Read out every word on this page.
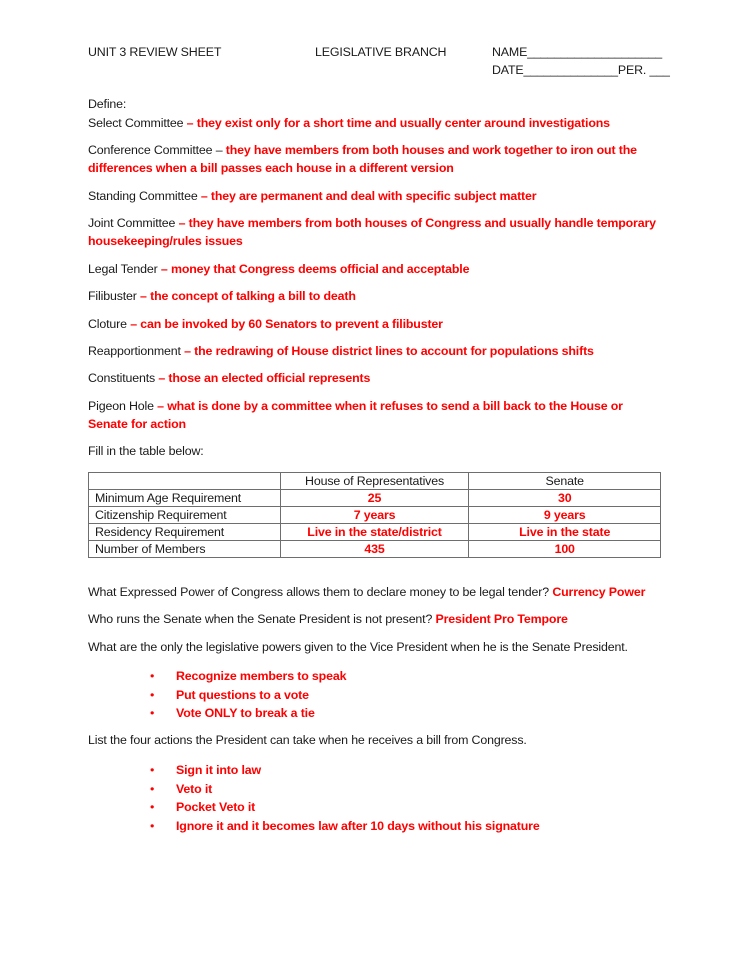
UNIT 3 REVIEW SHEET	LEGISLATIVE BRANCH	NAME____________________
DATE______________PER. ___
Define:
Select Committee – they exist only for a short time and usually center around investigations
Conference Committee – they have members from both houses and work together to iron out the differences when a bill passes each house in a different version
Standing Committee – they are permanent and deal with specific subject matter
Joint Committee – they have members from both houses of Congress and usually handle temporary housekeeping/rules issues
Legal Tender – money that Congress deems official and acceptable
Filibuster – the concept of talking a bill to death
Cloture – can be invoked by 60 Senators to prevent a filibuster
Reapportionment – the redrawing of House district lines to account for populations shifts
Constituents – those an elected official represents
Pigeon Hole – what is done by a committee when it refuses to send a bill back to the House or Senate for action
Fill in the table below:
	House of Representatives	Senate
Minimum Age Requirement	25	30
Citizenship Requirement	7 years	9 years
Residency Requirement	Live in the state/district	Live in the state
Number of Members	435	100
What Expressed Power of Congress allows them to declare money to be legal tender? Currency Power
Who runs the Senate when the Senate President is not present? President Pro Tempore
What are the only the legislative powers given to the Vice President when he is the Senate President.
• Recognize members to speak
• Put questions to a vote
• Vote ONLY to break a tie
List the four actions the President can take when he receives a bill from Congress.
• Sign it into law
• Veto it
• Pocket Veto it
• Ignore it and it becomes law after 10 days without his signature
